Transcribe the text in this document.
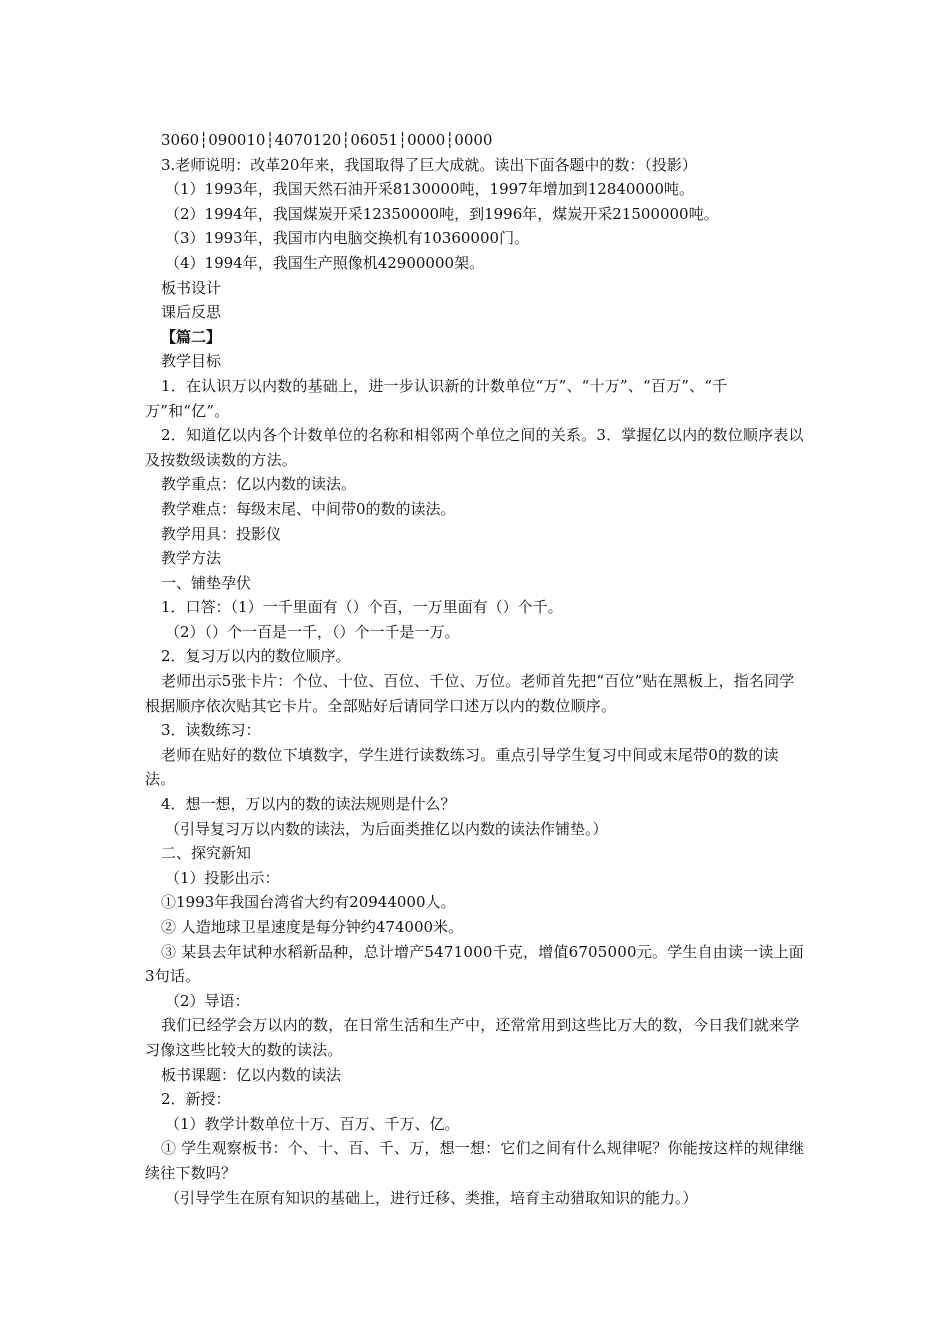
3060┆090010┆4070120┆06051┆0000┆0000
3.老师说明：改革20年来，我国取得了巨大成就。读出下面各题中的数：（投影）
（1）1993年，我国天然石油开采8130000吨，1997年增加到12840000吨。
（2）1994年，我国煤炭开采12350000吨，到1996年，煤炭开采21500000吨。
（3）1993年，我国市内电脑交换机有10360000门。
（4）1994年，我国生产照像机42900000架。
板书设计
课后反思
【篇二】
教学目标
1．在认识万以内数的基础上，进一步认识新的计数单位“万”、“十万”、“百万”、“千万”和“亿”。
2．知道亿以内各个计数单位的名称和相邻两个单位之间的关系。3．掌握亿以内的数位顺序表以及按数级读数的方法。
教学重点：亿以内数的读法。
教学难点：每级末尾、中间带0的数的读法。
教学用具：投影仪
教学方法
一、铺垫孕伏
1．口答：（1）一千里面有（）个百，一万里面有（）个千。
（2）（）个一百是一千，（）个一千是一万。
2．复习万以内的数位顺序。
老师出示5张卡片：个位、十位、百位、千位、万位。老师首先把“百位”贴在黑板上，指名同学根据顺序依次贴其它卡片。全部贴好后请同学口述万以内的数位顺序。
3．读数练习：
老师在贴好的数位下填数字，学生进行读数练习。重点引导学生复习中间或末尾带0的数的读法。
4．想一想，万以内的数的读法规则是什么？
（引导复习万以内数的读法，为后面类推亿以内数的读法作铺垫。）
二、探究新知
（1）投影出示：
①1993年我国台湾省大约有20944000人。
② 人造地球卫星速度是每分钟约474000米。
③ 某县去年试种水稻新品种，总计增产5471000千克，增值6705000元。学生自由读一读上面3句话。
（2）导语：
我们已经学会万以内的数，在日常生活和生产中，还常常用到这些比万大的数，今日我们就来学习像这些比较大的数的读法。
板书课题：亿以内数的读法
2．新授：
（1）教学计数单位十万、百万、千万、亿。
① 学生观察板书：个、十、百、千、万，想一想：它们之间有什么规律呢？你能按这样的规律继续往下数吗？
（引导学生在原有知识的基础上，进行迁移、类推，培育主动猎取知识的能力。）
